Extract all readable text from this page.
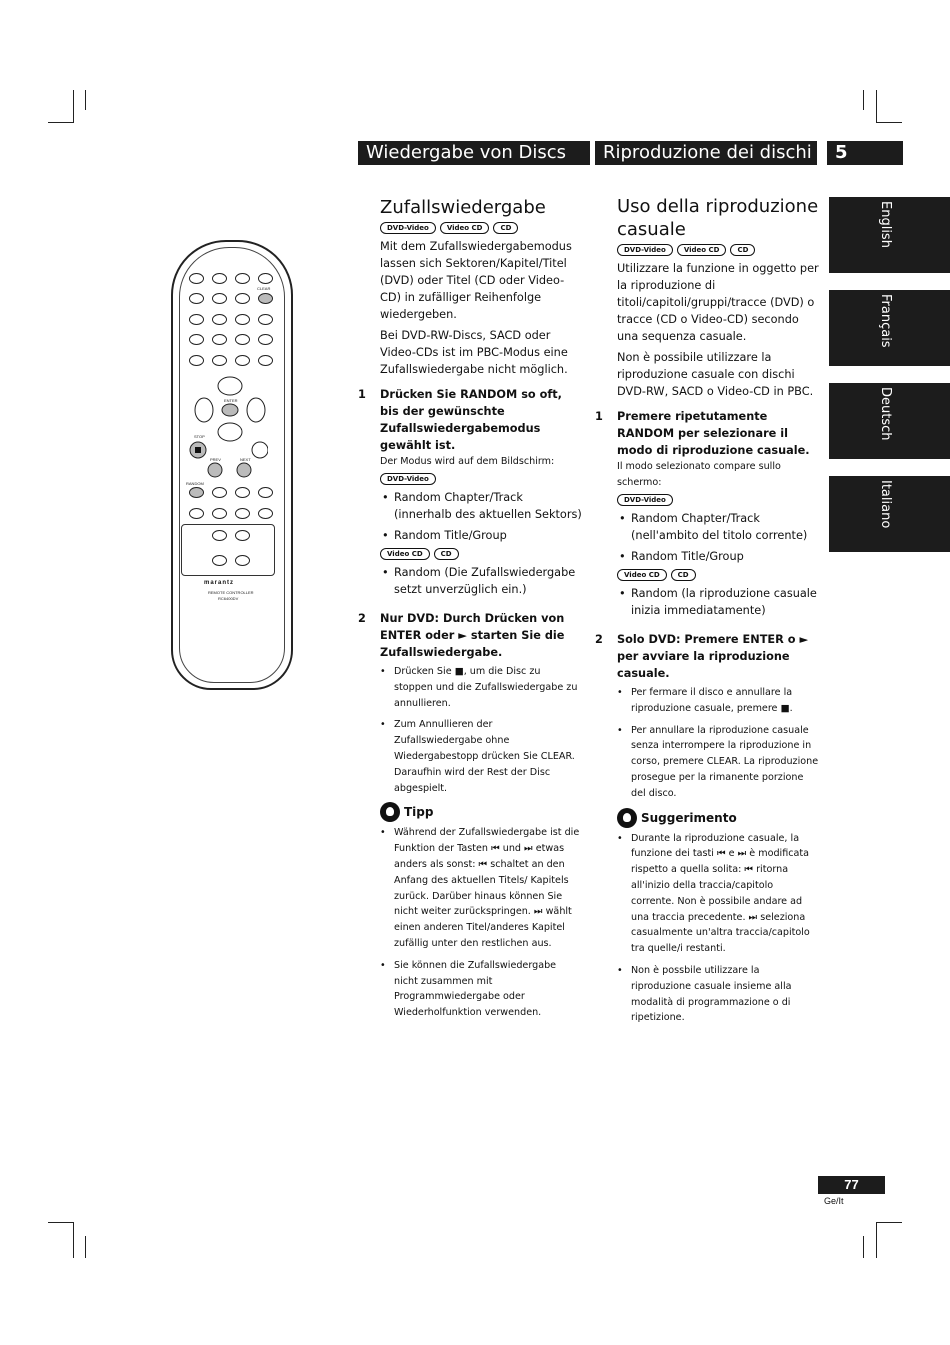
Wiedergabe von Discs	Riproduzione dei dischi	5
English
Français
Deutsch
Italiano
CLEAR
ENTER
STOP
PREV	NEXT
RANDOM
marantz
REMOTE CONTROLLER
RC6400DV
Zufallswiedergabe
DVD-Video	Video CD	CD

Mit dem Zufallswiedergabemodus lassen sich Sektoren/Kapitel/Titel (DVD) oder Titel (CD oder Video-CD) in zufälliger Reihenfolge wiedergeben.

Bei DVD-RW-Discs, SACD oder Video-CDs ist im PBC-Modus eine Zufallswiedergabe nicht möglich.

1 Drücken Sie RANDOM so oft, bis der gewünschte Zufallswiedergabemodus gewählt ist.
Der Modus wird auf dem Bildschirm:
DVD-Video
• Random Chapter/Track (innerhalb des aktuellen Sektors)
• Random Title/Group
Video CD	CD
• Random (Die Zufallswiedergabe setzt unverzüglich ein.)
2 Nur DVD: Durch Drücken von ENTER oder ► starten Sie die Zufallswiedergabe.
• Drücken Sie ■, um die Disc zu stoppen und die Zufallswiedergabe zu annullieren.
• Zum Annullieren der Zufallswiedergabe ohne Wiedergabestopp drücken Sie CLEAR. Daraufhin wird der Rest der Disc abgespielt.
Tipp
• Während der Zufallswiedergabe ist die Funktion der Tasten ⏮ und ⏭ etwas anders als sonst: ⏮ schaltet an den Anfang des aktuellen Titels/ Kapitels zurück. Darüber hinaus können Sie nicht weiter zurückspringen. ⏭ wählt einen anderen Titel/anderes Kapitel zufällig unter den restlichen aus.
• Sie können die Zufallswiedergabe nicht zusammen mit Programmwiedergabe oder Wiederholfunktion verwenden.
Uso della riproduzione casuale
DVD-Video	Video CD	CD

Utilizzare la funzione in oggetto per la riproduzione di titoli/capitoli/gruppi/tracce (DVD) o tracce (CD o Video-CD) secondo una sequenza casuale.

Non è possibile utilizzare la riproduzione casuale con dischi DVD-RW, SACD o Video-CD in PBC.

1 Premere ripetutamente RANDOM per selezionare il modo di riproduzione casuale.
Il modo selezionato compare sullo schermo:
DVD-Video
• Random Chapter/Track (nell'ambito del titolo corrente)
• Random Title/Group
Video CD	CD
• Random (la riproduzione casuale inizia immediatamente)
2 Solo DVD: Premere ENTER o ► per avviare la riproduzione casuale.
• Per fermare il disco e annullare la riproduzione casuale, premere ■.
• Per annullare la riproduzione casuale senza interrompere la riproduzione in corso, premere CLEAR. La riproduzione prosegue per la rimanente porzione del disco.
Suggerimento
• Durante la riproduzione casuale, la funzione dei tasti ⏮ e ⏭ è modificata rispetto a quella solita: ⏮ ritorna all'inizio della traccia/capitolo corrente. Non è possibile andare ad una traccia precedente. ⏭ seleziona casualmente un'altra traccia/capitolo tra quelle/i restanti.
• Non è possbile utilizzare la riproduzione casuale insieme alla modalità di programmazione o di ripetizione.
77
Ge/It
